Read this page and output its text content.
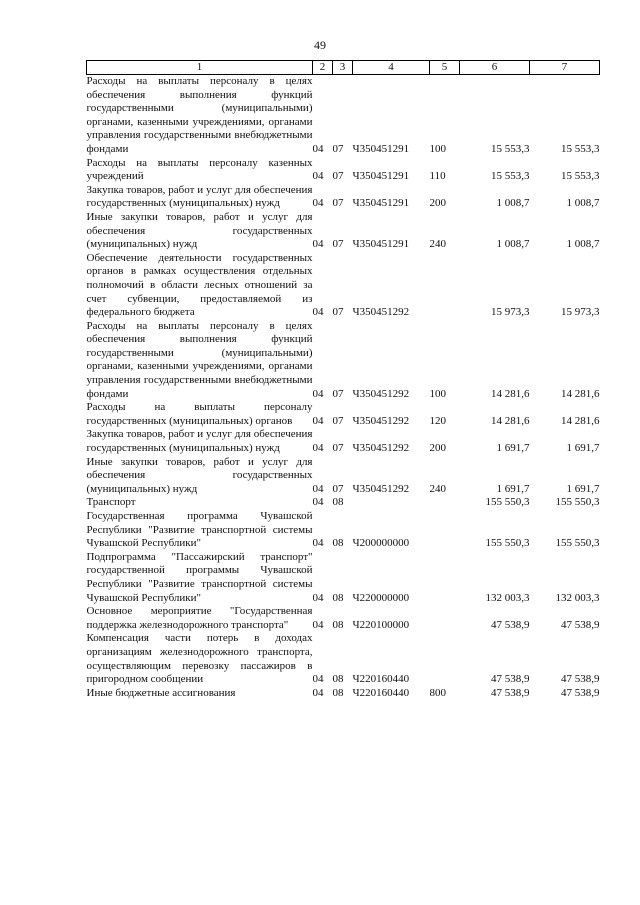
49
1	2	3	4	5	6	7
Расходы на выплаты персоналу в целях обеспечения выполнения функций государственными (муниципальными) органами, казенными учреждениями, органами управления государственными внебюджетными фондами	04	07	Ч350451291	100	15 553,3	15 553,3
Расходы на выплаты персоналу казенных учреждений	04	07	Ч350451291	110	15 553,3	15 553,3
Закупка товаров, работ и услуг для обеспечения государственных (муниципальных) нужд	04	07	Ч350451291	200	1 008,7	1 008,7
Иные закупки товаров, работ и услуг для обеспечения государственных (муниципальных) нужд	04	07	Ч350451291	240	1 008,7	1 008,7
Обеспечение деятельности государственных органов в рамках осуществления отдельных полномочий в области лесных отношений за счет субвенции, предоставляемой из федерального бюджета	04	07	Ч350451292		15 973,3	15 973,3
Расходы на выплаты персоналу в целях обеспечения выполнения функций государственными (муниципальными) органами, казенными учреждениями, органами управления государственными внебюджетными фондами	04	07	Ч350451292	100	14 281,6	14 281,6
Расходы на выплаты персоналу государственных (муниципальных) органов	04	07	Ч350451292	120	14 281,6	14 281,6
Закупка товаров, работ и услуг для обеспечения государственных (муниципальных) нужд	04	07	Ч350451292	200	1 691,7	1 691,7
Иные закупки товаров, работ и услуг для обеспечения государственных (муниципальных) нужд	04	07	Ч350451292	240	1 691,7	1 691,7
Транспорт	04	08			155 550,3	155 550,3
Государственная программа Чувашской Республики "Развитие транспортной системы Чувашской Республики"	04	08	Ч200000000		155 550,3	155 550,3
Подпрограмма "Пассажирский транспорт" государственной программы Чувашской Республики "Развитие транспортной системы Чувашской Республики"	04	08	Ч220000000		132 003,3	132 003,3
Основное мероприятие "Государственная поддержка железнодорожного транспорта"	04	08	Ч220100000		47 538,9	47 538,9
Компенсация части потерь в доходах организациям железнодорожного транспорта, осуществляющим перевозку пассажиров в пригородном сообщении	04	08	Ч220160440		47 538,9	47 538,9
Иные бюджетные ассигнования	04	08	Ч220160440	800	47 538,9	47 538,9
